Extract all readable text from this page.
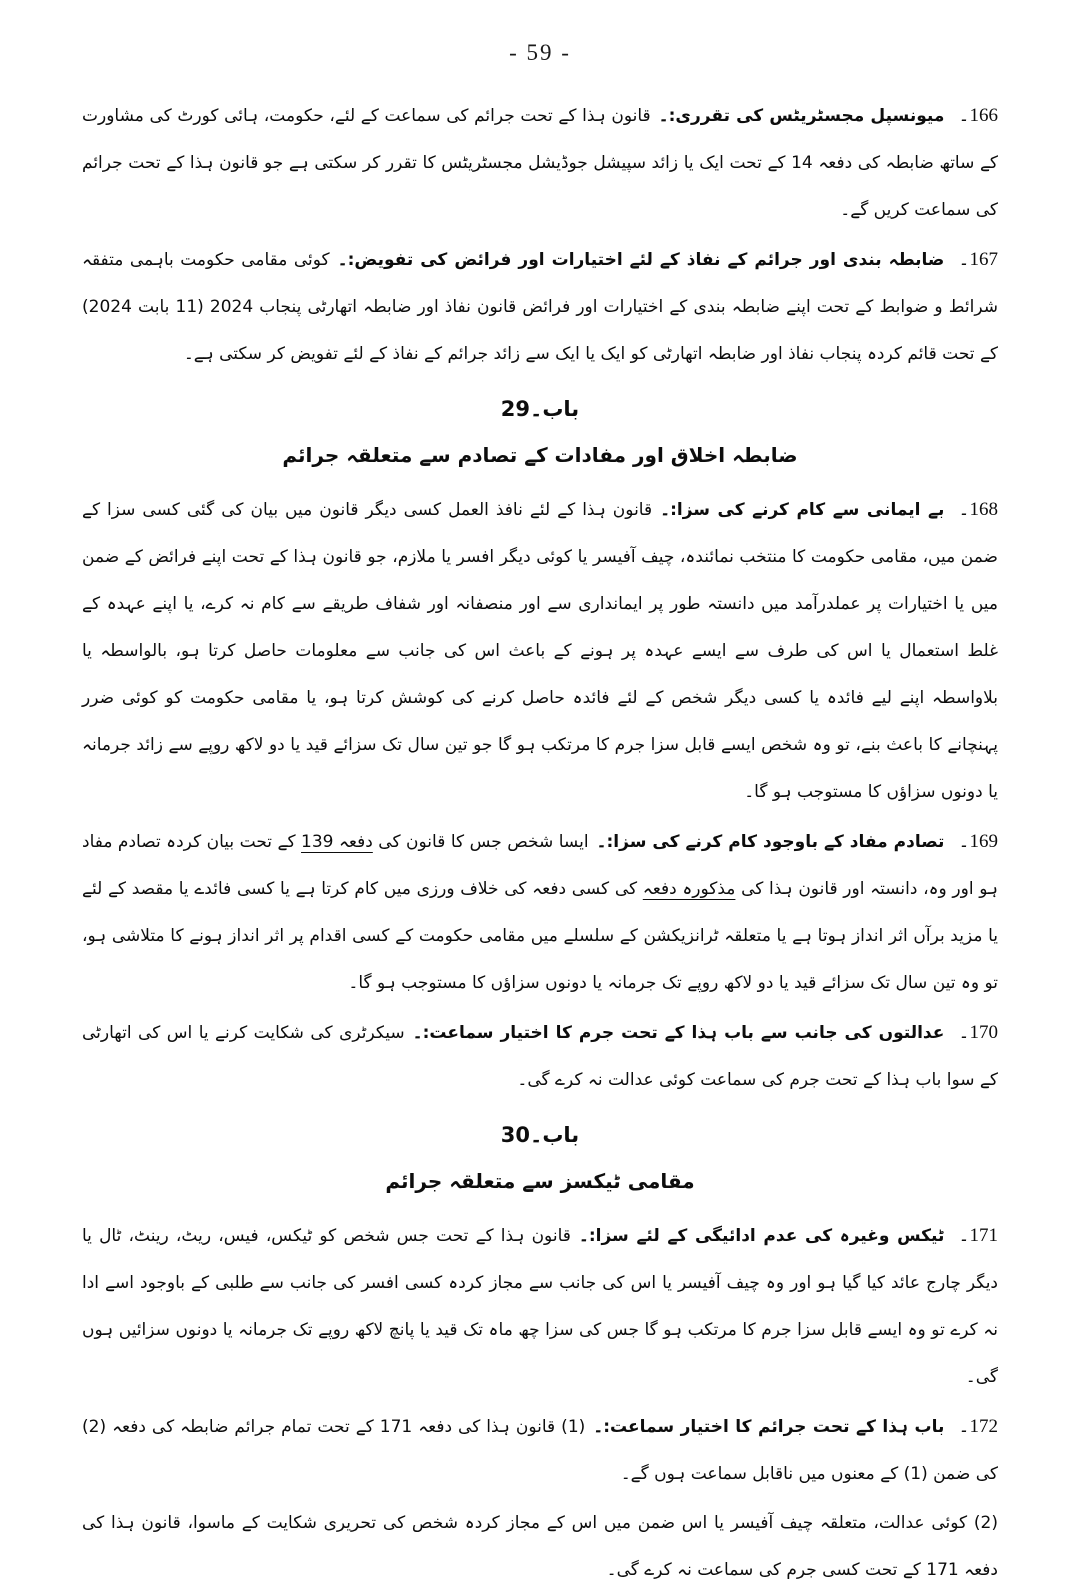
- 59 -

166۔میونسپل مجسٹریٹس کی تقرری:۔قانون ہذا کے تحت جرائم کی سماعت کے لئے، حکومت، ہائی کورٹ کی مشاورت کے ساتھ ضابطہ کی دفعہ 14 کے تحت ایک یا زائد سپیشل جوڈیشل مجسٹریٹس کا تقرر کر سکتی ہے جو قانون ہذا کے تحت جرائم کی سماعت کریں گے۔

167۔ضابطہ بندی اور جرائم کے نفاذ کے لئے اختیارات اور فرائض کی تفویض:۔کوئی مقامی حکومت باہمی متفقہ شرائط و ضوابط کے تحت اپنے ضابطہ بندی کے اختیارات اور فرائض قانون نفاذ اور ضابطہ اتھارٹی پنجاب 2024 (11 بابت 2024) کے تحت قائم کردہ پنجاب نفاذ اور ضابطہ اتھارٹی کو ایک یا ایک سے زائد جرائم کے نفاذ کے لئے تفویض کر سکتی ہے۔

باب۔29
ضابطہ اخلاق اور مفادات کے تصادم سے متعلقہ جرائم

168۔بے ایمانی سے کام کرنے کی سزا:۔قانون ہذا کے لئے نافذ العمل کسی دیگر قانون میں بیان کی گئی کسی سزا کے ضمن میں، مقامی حکومت کا منتخب نمائندہ، چیف آفیسر یا کوئی دیگر افسر یا ملازم، جو قانون ہذا کے تحت اپنے فرائض کے ضمن میں یا اختیارات پر عملدرآمد میں دانستہ طور پر ایمانداری سے اور منصفانہ اور شفاف طریقے سے کام نہ کرے، یا اپنے عہدہ کے غلط استعمال یا اس کی طرف سے ایسے عہدہ پر ہونے کے باعث اس کی جانب سے معلومات حاصل کرتا ہو، بالواسطہ یا بلاواسطہ اپنے لیے فائدہ یا کسی دیگر شخص کے لئے فائدہ حاصل کرنے کی کوشش کرتا ہو، یا مقامی حکومت کو کوئی ضرر پہنچانے کا باعث بنے، تو وہ شخص ایسے قابل سزا جرم کا مرتکب ہو گا جو تین سال تک سزائے قید یا دو لاکھ روپے سے زائد جرمانہ یا دونوں سزاؤں کا مستوجب ہو گا۔

169۔تصادم مفاد کے باوجود کام کرنے کی سزا:۔ایسا شخص جس کا قانون کی دفعہ 139 کے تحت بیان کردہ تصادم مفاد ہو اور وہ، دانستہ اور قانون ہذا کی مذکورہ دفعہ کی کسی دفعہ کی خلاف ورزی میں کام کرتا ہے یا کسی فائدے یا مقصد کے لئے یا مزید برآں اثر انداز ہوتا ہے یا متعلقہ ٹرانزیکشن کے سلسلے میں مقامی حکومت کے کسی اقدام پر اثر انداز ہونے کا متلاشی ہو، تو وہ تین سال تک سزائے قید یا دو لاکھ روپے تک جرمانہ یا دونوں سزاؤں کا مستوجب ہو گا۔

170۔عدالتوں کی جانب سے باب ہذا کے تحت جرم کا اختیار سماعت:۔سیکرٹری کی شکایت کرنے یا اس کی اتھارٹی کے سوا باب ہذا کے تحت جرم کی سماعت کوئی عدالت نہ کرے گی۔

باب۔30
مقامی ٹیکسز سے متعلقہ جرائم

171۔ٹیکس وغیرہ کی عدم ادائیگی کے لئے سزا:۔قانون ہذا کے تحت جس شخص کو ٹیکس، فیس، ریٹ، رینٹ، ٹال یا دیگر چارج عائد کیا گیا ہو اور وہ چیف آفیسر یا اس کی جانب سے مجاز کردہ کسی افسر کی جانب سے طلبی کے باوجود اسے ادا نہ کرے تو وہ ایسے قابل سزا جرم کا مرتکب ہو گا جس کی سزا چھ ماہ تک قید یا پانچ لاکھ روپے تک جرمانہ یا دونوں سزائیں ہوں گی۔

172۔باب ہذا کے تحت جرائم کا اختیار سماعت:۔(1) قانون ہذا کی دفعہ 171 کے تحت تمام جرائم ضابطہ کی دفعہ (2) کی ضمن (1) کے معنوں میں ناقابل سماعت ہوں گے۔

(2) کوئی عدالت، متعلقہ چیف آفیسر یا اس ضمن میں اس کے مجاز کردہ شخص کی تحریری شکایت کے ماسوا، قانون ہذا کی دفعہ 171 کے تحت کسی جرم کی سماعت نہ کرے گی۔
